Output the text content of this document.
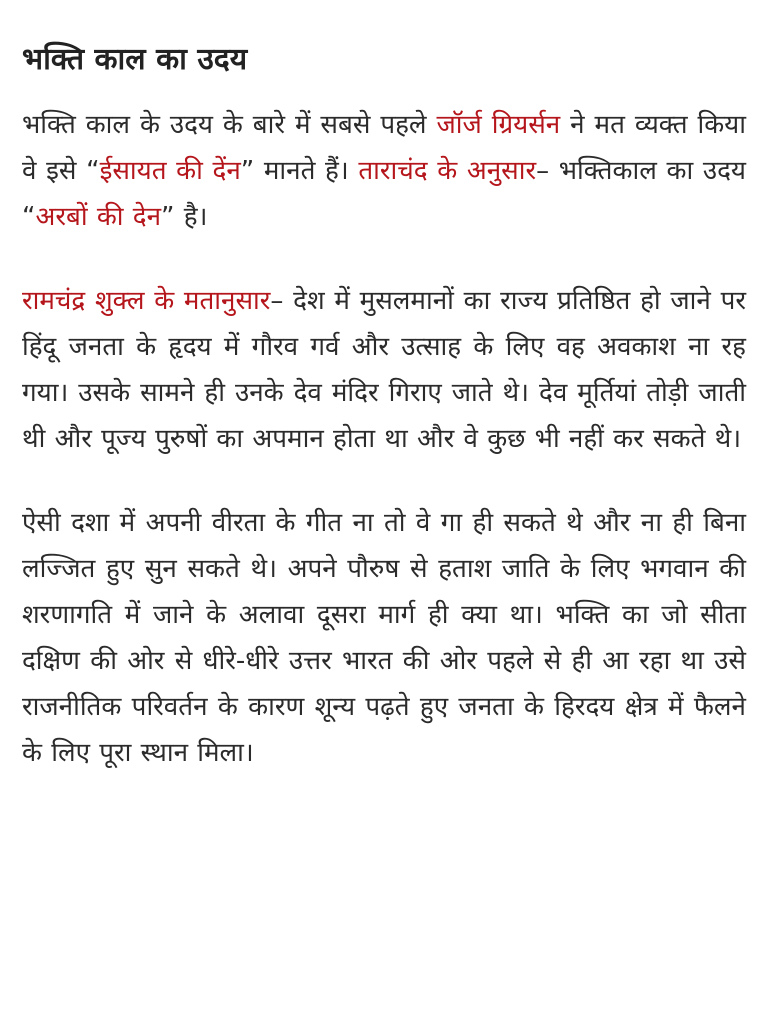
भक्ति काल का उदय

भक्ति काल के उदय के बारे में सबसे पहले जॉर्ज ग्रियर्सन ने मत व्यक्त किया वे इसे “ईसायत की देंन” मानते हैं। ताराचंद के अनुसार– भक्तिकाल का उदय “अरबों की देन” है।

रामचंद्र शुक्ल के मतानुसार– देश में मुसलमानों का राज्य प्रतिष्ठित हो जाने पर हिंदू जनता के हृदय में गौरव गर्व और उत्साह के लिए वह अवकाश ना रह गया। उसके सामने ही उनके देव मंदिर गिराए जाते थे। देव मूर्तियां तोड़ी जाती थी और पूज्य पुरुषों का अपमान होता था और वे कुछ भी नहीं कर सकते थे।

ऐसी दशा में अपनी वीरता के गीत ना तो वे गा ही सकते थे और ना ही बिना लज्जित हुए सुन सकते थे। अपने पौरुष से हताश जाति के लिए भगवान की शरणागति में जाने के अलावा दूसरा मार्ग ही क्या था। भक्ति का जो सीता दक्षिण की ओर से धीरे-धीरे उत्तर भारत की ओर पहले से ही आ रहा था उसे राजनीतिक परिवर्तन के कारण शून्य पढ़ते हुए जनता के हिरदय क्षेत्र में फैलने के लिए पूरा स्थान मिला।
